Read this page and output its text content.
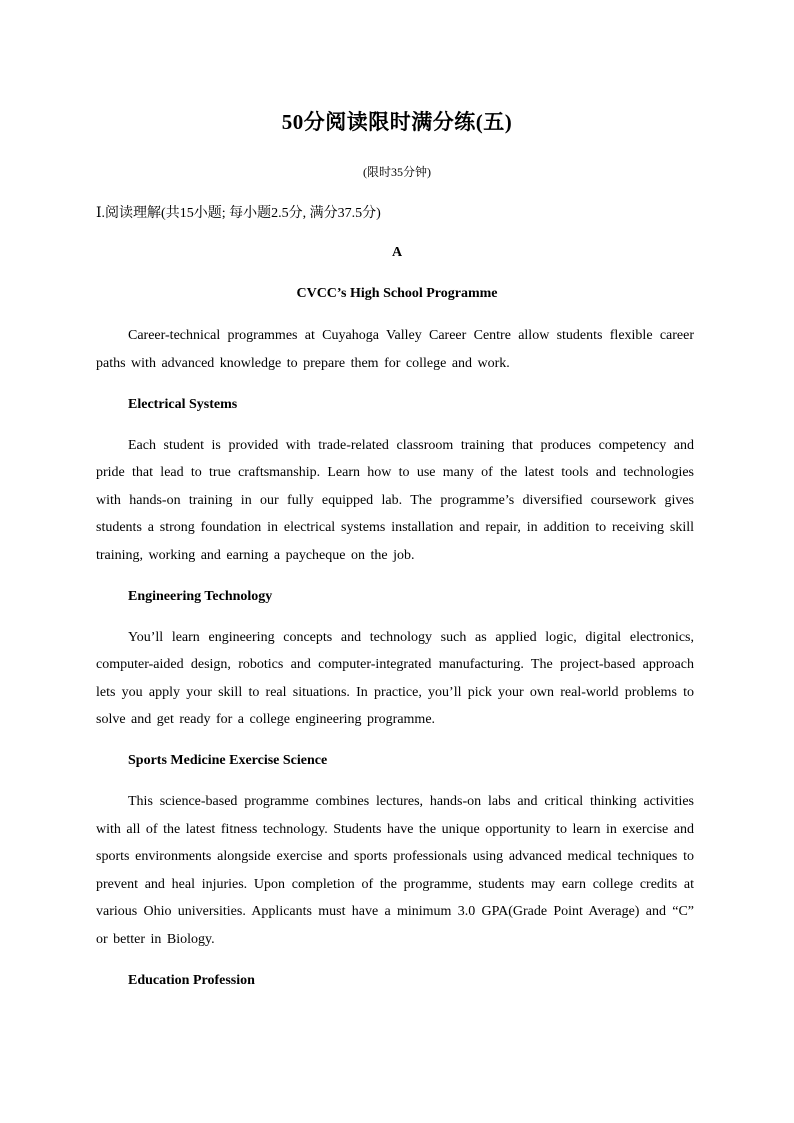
50分阅读限时满分练(五)
(限时35分钟)
Ⅰ.阅读理解(共15小题; 每小题2.5分, 满分37.5分)
A
CVCC’s High School Programme

Career-technical programmes at Cuyahoga Valley Career Centre allow students flexible career paths with advanced knowledge to prepare them for college and work.

Electrical Systems

Each student is provided with trade-related classroom training that produces competency and pride that lead to true craftsmanship. Learn how to use many of the latest tools and technologies with hands-on training in our fully equipped lab. The programme’s diversified coursework gives students a strong foundation in electrical systems installation and repair, in addition to receiving skill training, working and earning a paycheque on the job.

Engineering Technology

You’ll learn engineering concepts and technology such as applied logic, digital electronics, computer-aided design, robotics and computer-integrated manufacturing. The project-based approach lets you apply your skill to real situations. In practice, you’ll pick your own real-world problems to solve and get ready for a college engineering programme.

Sports Medicine Exercise Science

This science-based programme combines lectures, hands-on labs and critical thinking activities with all of the latest fitness technology. Students have the unique opportunity to learn in exercise and sports environments alongside exercise and sports professionals using advanced medical techniques to prevent and heal injuries. Upon completion of the programme, students may earn college credits at various Ohio universities. Applicants must have a minimum 3.0 GPA(Grade Point Average) and “C” or better in Biology.

Education Profession
